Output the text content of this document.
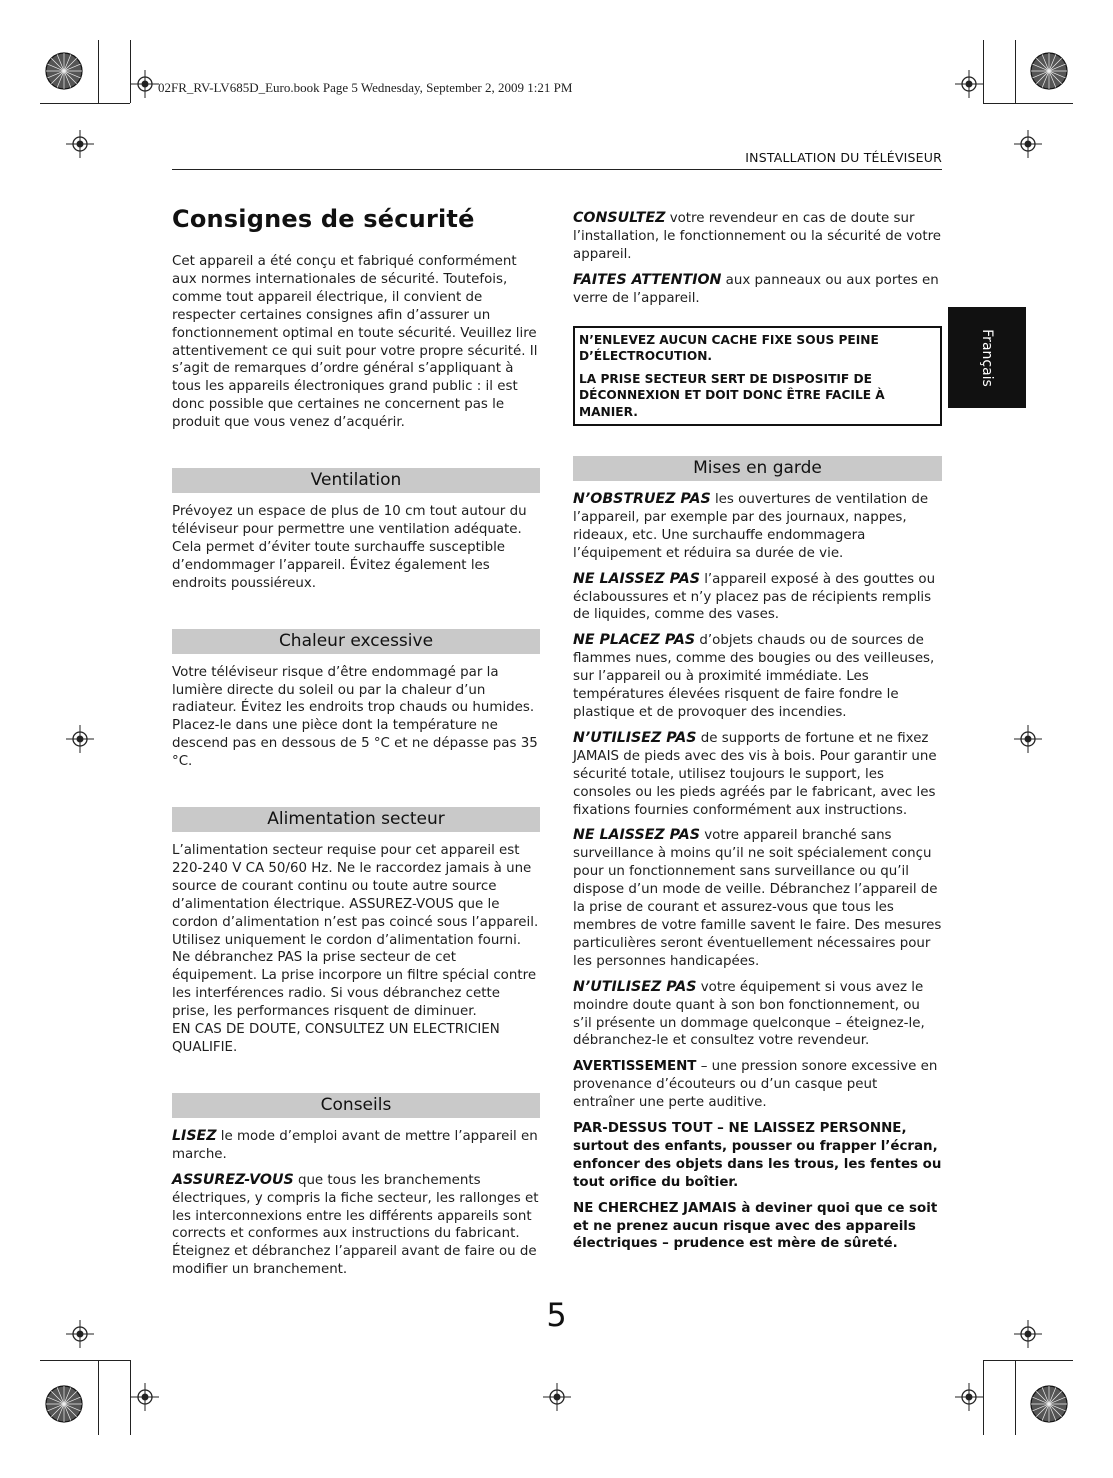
02FR_RV-LV685D_Euro.book Page 5 Wednesday, September 2, 2009 1:21 PM
INSTALLATION DU TÉLÉVISEUR
Français
Consignes de sécurité

Cet appareil a été conçu et fabriqué conformément aux normes internationales de sécurité. Toutefois, comme tout appareil électrique, il convient de respecter certaines consignes afin d’assurer un fonctionnement optimal en toute sécurité. Veuillez lire attentivement ce qui suit pour votre propre sécurité. Il s’agit de remarques d’ordre général s’appliquant à tous les appareils électroniques grand public : il est donc possible que certaines ne concernent pas le produit que vous venez d’acquérir.

Ventilation

Prévoyez un espace de plus de 10 cm tout autour du téléviseur pour permettre une ventilation adéquate. Cela permet d’éviter toute surchauffe susceptible d’endommager l’appareil. Évitez également les endroits poussiéreux.

Chaleur excessive

Votre téléviseur risque d’être endommagé par la lumière directe du soleil ou par la chaleur d’un radiateur. Évitez les endroits trop chauds ou humides. Placez-le dans une pièce dont la température ne descend pas en dessous de 5 °C et ne dépasse pas 35 °C.

Alimentation secteur

L’alimentation secteur requise pour cet appareil est 220-240 V CA 50/60 Hz. Ne le raccordez jamais à une source de courant continu ou toute autre source d’alimentation électrique. ASSUREZ-VOUS que le cordon d’alimentation n’est pas coincé sous l’appareil. Utilisez uniquement le cordon d’alimentation fourni. Ne débranchez PAS la prise secteur de cet équipement. La prise incorpore un filtre spécial contre les interférences radio. Si vous débranchez cette prise, les performances risquent de diminuer.

EN CAS DE DOUTE, CONSULTEZ UN ELECTRICIEN QUALIFIE.

Conseils

LISEZ le mode d’emploi avant de mettre l’appareil en marche.

ASSUREZ-VOUS que tous les branchements électriques, y compris la fiche secteur, les rallonges et les interconnexions entre les différents appareils sont corrects et conformes aux instructions du fabricant. Éteignez et débranchez l’appareil avant de faire ou de modifier un branchement.

CONSULTEZ votre revendeur en cas de doute sur l’installation, le fonctionnement ou la sécurité de votre appareil.

FAITES ATTENTION aux panneaux ou aux portes en verre de l’appareil.

N’ENLEVEZ AUCUN CACHE FIXE SOUS PEINE D’ÉLECTROCUTION.

LA PRISE SECTEUR SERT DE DISPOSITIF DE DÉCONNEXION ET DOIT DONC ÊTRE FACILE À MANIER.

Mises en garde

N’OBSTRUEZ PAS les ouvertures de ventilation de l’appareil, par exemple par des journaux, nappes, rideaux, etc. Une surchauffe endommagera l’équipement et réduira sa durée de vie.

NE LAISSEZ PAS l’appareil exposé à des gouttes ou éclaboussures et n’y placez pas de récipients remplis de liquides, comme des vases.

NE PLACEZ PAS d’objets chauds ou de sources de flammes nues, comme des bougies ou des veilleuses, sur l’appareil ou à proximité immédiate. Les températures élevées risquent de faire fondre le plastique et de provoquer des incendies.

N’UTILISEZ PAS de supports de fortune et ne fixez JAMAIS de pieds avec des vis à bois. Pour garantir une sécurité totale, utilisez toujours le support, les consoles ou les pieds agréés par le fabricant, avec les fixations fournies conformément aux instructions.

NE LAISSEZ PAS votre appareil branché sans surveillance à moins qu’il ne soit spécialement conçu pour un fonctionnement sans surveillance ou qu’il dispose d’un mode de veille. Débranchez l’appareil de la prise de courant et assurez-vous que tous les membres de votre famille savent le faire. Des mesures particulières seront éventuellement nécessaires pour les personnes handicapées.

N’UTILISEZ PAS votre équipement si vous avez le moindre doute quant à son bon fonctionnement, ou s’il présente un dommage quelconque – éteignez-le, débranchez-le et consultez votre revendeur.

AVERTISSEMENT – une pression sonore excessive en provenance d’écouteurs ou d’un casque peut entraîner une perte auditive.

PAR-DESSUS TOUT – NE LAISSEZ PERSONNE, surtout des enfants, pousser ou frapper l’écran, enfoncer des objets dans les trous, les fentes ou tout orifice du boîtier.

NE CHERCHEZ JAMAIS à deviner quoi que ce soit et ne prenez aucun risque avec des appareils électriques – prudence est mère de sûreté.

5
